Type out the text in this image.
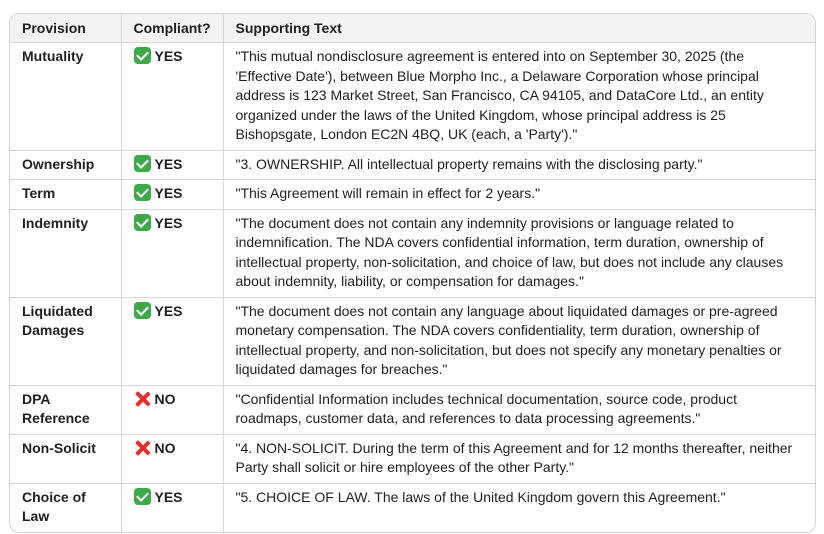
Provision	Compliant?	Supporting Text
Mutuality	YES	"This mutual nondisclosure agreement is entered into on September 30, 2025 (the 'Effective Date'), between Blue Morpho Inc., a Delaware Corporation whose principal address is 123 Market Street, San Francisco, CA 94105, and DataCore Ltd., an entity organized under the laws of the United Kingdom, whose principal address is 25 Bishopsgate, London EC2N 4BQ, UK (each, a 'Party')."
Ownership	YES	"3. OWNERSHIP. All intellectual property remains with the disclosing party."
Term	YES	"This Agreement will remain in effect for 2 years."
Indemnity	YES	"The document does not contain any indemnity provisions or language related to indemnification. The NDA covers confidential information, term duration, ownership of intellectual property, non-solicitation, and choice of law, but does not include any clauses about indemnity, liability, or compensation for damages."
Liquidated Damages	YES	"The document does not contain any language about liquidated damages or pre-agreed monetary compensation. The NDA covers confidentiality, term duration, ownership of intellectual property, and non-solicitation, but does not specify any monetary penalties or liquidated damages for breaches."
DPA Reference	NO	"Confidential Information includes technical documentation, source code, product roadmaps, customer data, and references to data processing agreements."
Non-Solicit	NO	"4. NON-SOLICIT. During the term of this Agreement and for 12 months thereafter, neither Party shall solicit or hire employees of the other Party."
Choice of Law	YES	"5. CHOICE OF LAW. The laws of the United Kingdom govern this Agreement."
